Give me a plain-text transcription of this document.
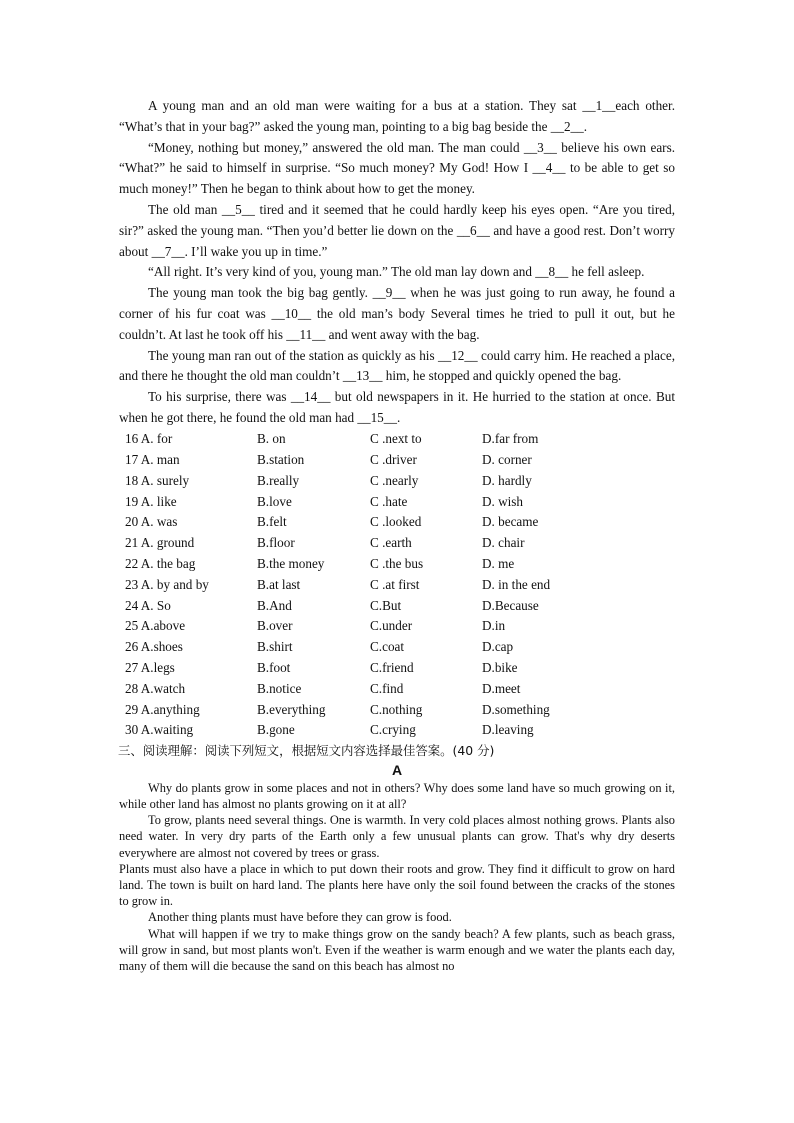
A young man and an old man were waiting for a bus at a station. They sat __1__each other. “What’s that in your bag?” asked the young man, pointing to a big bag beside the __2__.

“Money, nothing but money,” answered the old man. The man could __3__ believe his own ears. “What?” he said to himself in surprise. “So much money? My God! How I __4__ to be able to get so much money!” Then he began to think about how to get the money.

The old man __5__ tired and it seemed that he could hardly keep his eyes open. “Are you tired, sir?” asked the young man. “Then you’d better lie down on the __6__ and have a good rest. Don’t worry about __7__. I’ll wake you up in time.”

“All right. It’s very kind of you, young man.” The old man lay down and __8__ he fell asleep.

The young man took the big bag gently. __9__ when he was just going to run away, he found a corner of his fur coat was __10__ the old man’s body Several times he tried to pull it out, but he couldn’t. At last he took off his __11__ and went away with the bag.

The young man ran out of the station as quickly as his __12__ could carry him. He reached a place, and there he thought the old man couldn’t __13__ him, he stopped and quickly opened the bag.

To his surprise, there was __14__ but old newspapers in it. He hurried to the station at once. But when he got there, he found the old man had __15__.

16 A. for	B. on	C .next to	D.far from
17 A. man	B.station	C .driver	D. corner
18 A. surely	B.really	C .nearly	D. hardly
19 A. like	B.love	C .hate	D. wish
20 A. was	B.felt	C .looked	D. became
21 A. ground	B.floor	C .earth	D. chair
22 A. the bag	B.the money	C .the bus	D. me
23 A. by and by	B.at last	C .at first	D. in the end
24 A. So	B.And	C.But	D.Because
25 A.above	B.over	C.under	D.in
26 A.shoes	B.shirt	C.coat	D.cap
27 A.legs	B.foot	C.friend	D.bike
28 A.watch	B.notice	C.find	D.meet
29 A.anything	B.everything	C.nothing	D.something
30 A.waiting	B.gone	C.crying	D.leaving

三、阅读理解：阅读下列短文，根据短文内容选择最佳答案。(40 分)

A

Why do plants grow in some places and not in others? Why does some land have so much growing on it, while other land has almost no plants growing on it at all?

To grow, plants need several things. One is warmth. In very cold places almost nothing grows. Plants also need water. In very dry parts of the Earth only a few unusual plants can grow. That's why dry deserts everywhere are almost not covered by trees or grass.

Plants must also have a place in which to put down their roots and grow. They find it difficult to grow on hard land. The town is built on hard land. The plants here have only the soil found between the cracks of the stones to grow in.

Another thing plants must have before they can grow is food.

What will happen if we try to make things grow on the sandy beach? A few plants, such as beach grass, will grow in sand, but most plants won't. Even if the weather is warm enough and we water the plants each day, many of them will die because the sand on this beach has almost no
